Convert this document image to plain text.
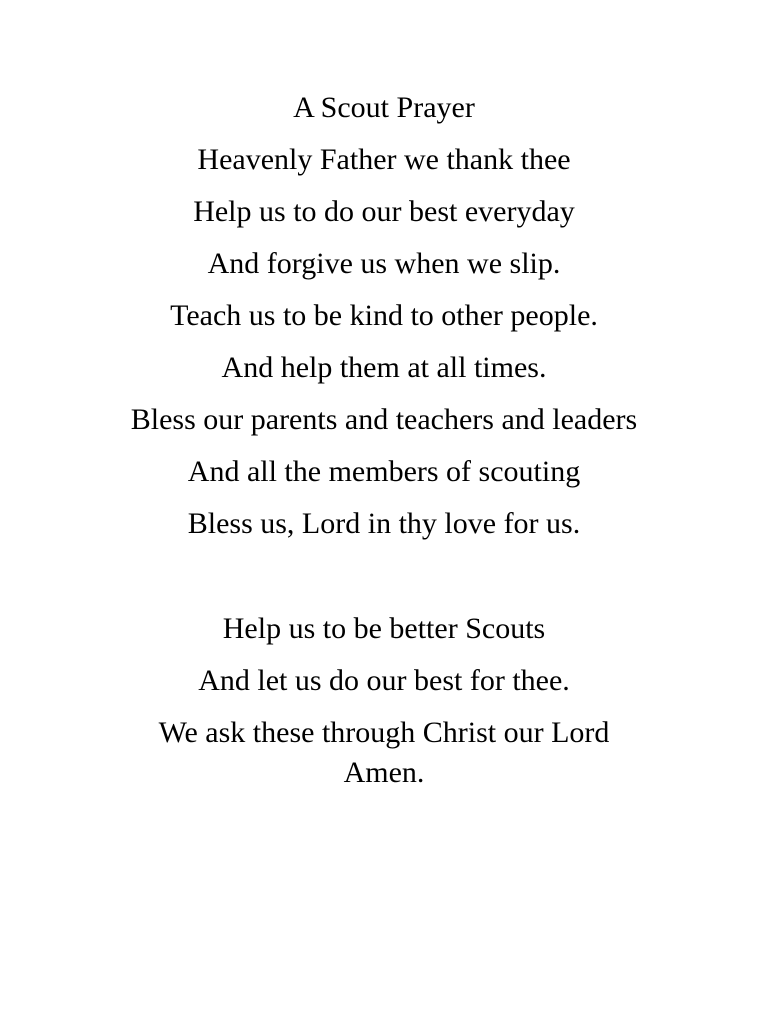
A Scout Prayer
Heavenly Father we thank thee
Help us to do our best everyday
And forgive us when we slip.
Teach us to be kind to other people.
And help them at all times.
Bless our parents and teachers and leaders
And all the members of scouting
Bless us, Lord in thy love for us.
Help us to be better Scouts
And let us do our best for thee.
We ask these through Christ our Lord
Amen.
